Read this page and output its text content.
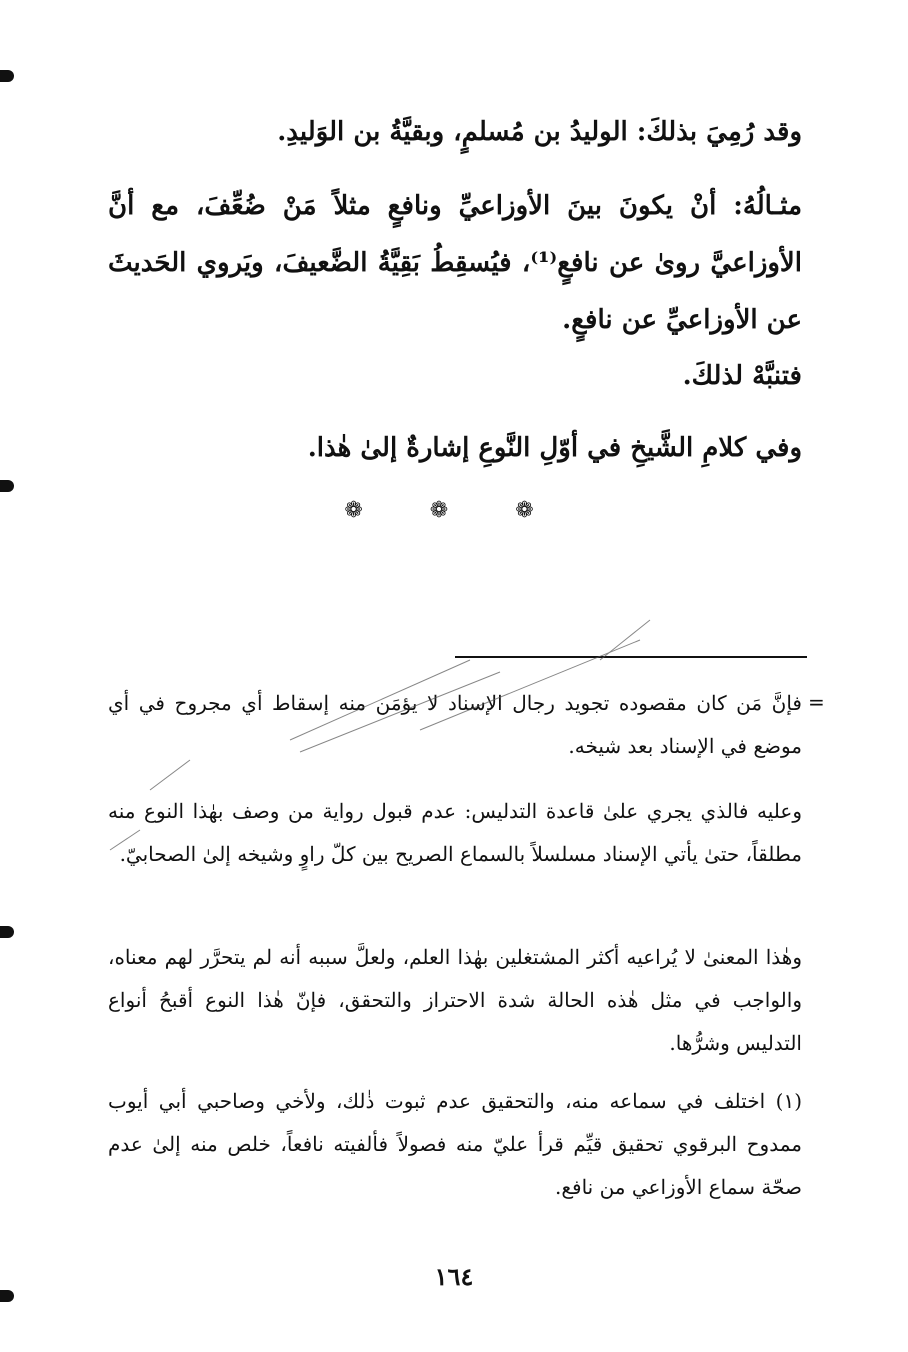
وقد رُمِيَ بذلكَ: الوليدُ بن مُسلمٍ، وبقيَّةُ بن الوَليدِ.

مثـالُهُ: أنْ يكونَ بينَ الأوزاعيِّ ونافعٍ مثلاً مَنْ ضُعِّفَ، مع أنَّ الأوزاعيَّ روىٰ عن نافعٍ⁽¹⁾، فيُسقِطُ بَقِيَّةُ الضَّعيفَ، ويَروي الحَديثَ عن الأوزاعيِّ عن نافعٍ.

فتنبَّهْ لذلكَ.

وفي كلامِ الشَّيخِ في أوّلِ النَّوعِ إشارةٌ إلىٰ هٰذا.

❁ ❁ ❁
=

فإنَّ مَن كان مقصوده تجويد رجال الإسناد لا يؤمَن منه إسقاط أي مجروح في أي موضع في الإسناد بعد شيخه.

وعليه فالذي يجري علىٰ قاعدة التدليس: عدم قبول رواية من وصف بهٰذا النوع منه مطلقاً، حتىٰ يأتي الإسناد مسلسلاً بالسماع الصريح بين كلّ راوٍ وشيخه إلىٰ الصحابيّ.

وهٰذا المعنىٰ لا يُراعيه أكثر المشتغلين بهٰذا العلم، ولعلَّ سببه أنه لم يتحرَّر لهم معناه، والواجب في مثل هٰذه الحالة شدة الاحتراز والتحقق، فإنّ هٰذا النوع أقبحُ أنواع التدليس وشرُّها.

(١) اختلف في سماعه منه، والتحقيق عدم ثبوت ذٰلك، ولأخي وصاحبي أبي أيوب ممدوح البرقوي تحقيق قيِّم قرأ عليّ منه فصولاً فألفيته نافعاً، خلص منه إلىٰ عدم صحّة سماع الأوزاعي من نافع.

١٦٤
